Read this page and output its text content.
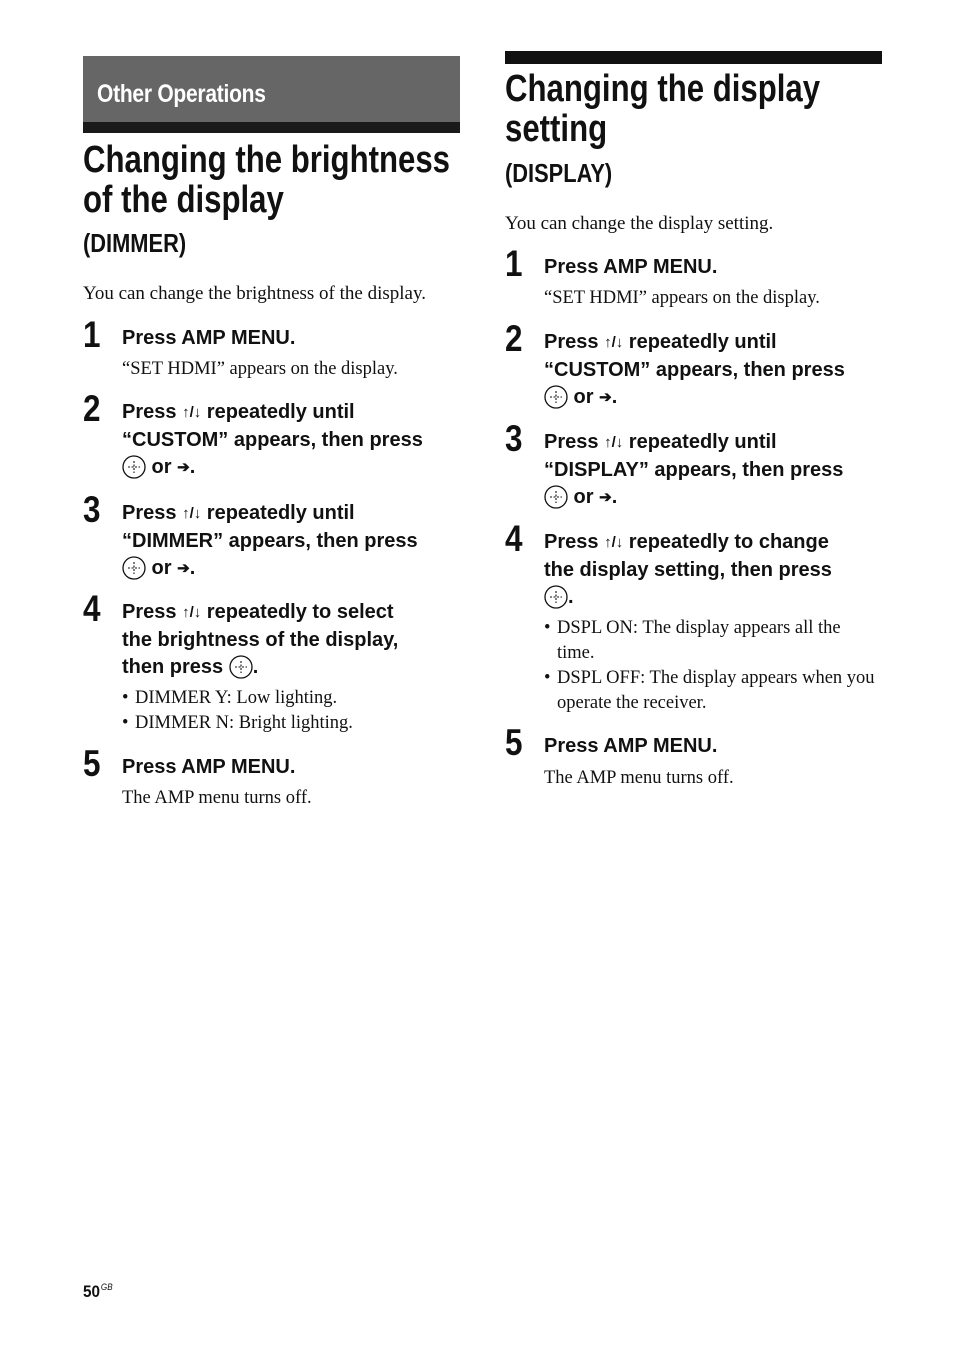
Other Operations
Changing the brightness
of the display
(DIMMER)
You can change the brightness of the display.
1 Press AMP MENU.
“SET HDMI” appears on the display.
2 Press ↑/↓ repeatedly until
“CUSTOM” appears, then press
or ➔.
3 Press ↑/↓ repeatedly until
“DIMMER” appears, then press
or ➔.
4 Press ↑/↓ repeatedly to select
the brightness of the display,
then press .
• DIMMER Y: Low lighting.
• DIMMER N: Bright lighting.
5 Press AMP MENU.
The AMP menu turns off.
Changing the display
setting
(DISPLAY)
You can change the display setting.
1 Press AMP MENU.
“SET HDMI” appears on the display.
2 Press ↑/↓ repeatedly until
“CUSTOM” appears, then press
or ➔.
3 Press ↑/↓ repeatedly until
“DISPLAY” appears, then press
or ➔.
4 Press ↑/↓ repeatedly to change
the display setting, then press
.
• DSPL ON: The display appears all the time.
• DSPL OFF: The display appears when you operate the receiver.
5 Press AMP MENU.
The AMP menu turns off.
$50^{GB}$
